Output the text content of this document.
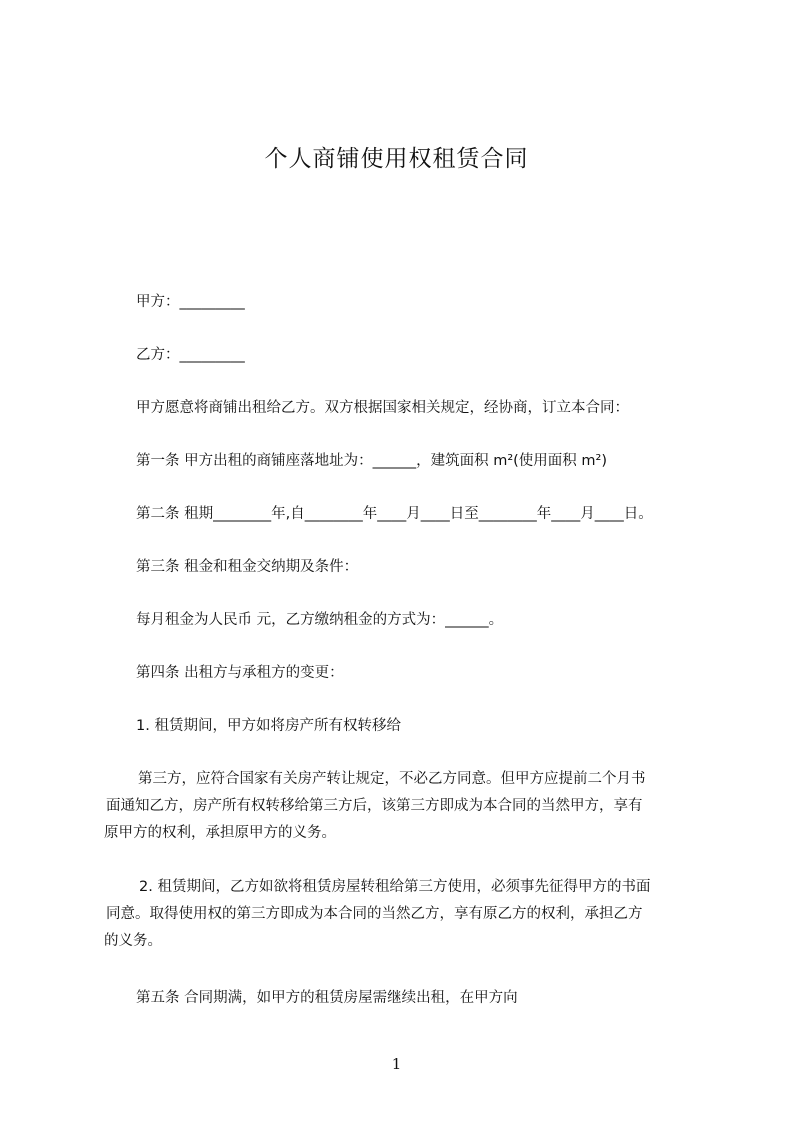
个人商铺使用权租赁合同

甲方：_________

乙方：_________

甲方愿意将商铺出租给乙方。双方根据国家相关规定，经协商，订立本合同：

第一条 甲方出租的商铺座落地址为：______，建筑面积 m²(使用面积 m²)

第二条 租期________年,自________年____月____日至________年____月____日。

第三条 租金和租金交纳期及条件：

每月租金为人民币 元，乙方缴纳租金的方式为：______。

第四条 出租方与承租方的变更：

1. 租赁期间，甲方如将房产所有权转移给

第三方，应符合国家有关房产转让规定，不必乙方同意。但甲方应提前二个月书
面通知乙方，房产所有权转移给第三方后，该第三方即成为本合同的当然甲方，享有
原甲方的权利，承担原甲方的义务。
2. 租赁期间，乙方如欲将租赁房屋转租给第三方使用，必须事先征得甲方的书面
同意。取得使用权的第三方即成为本合同的当然乙方，享有原乙方的权利，承担乙方
的义务。

第五条 合同期满，如甲方的租赁房屋需继续出租，在甲方向

1
